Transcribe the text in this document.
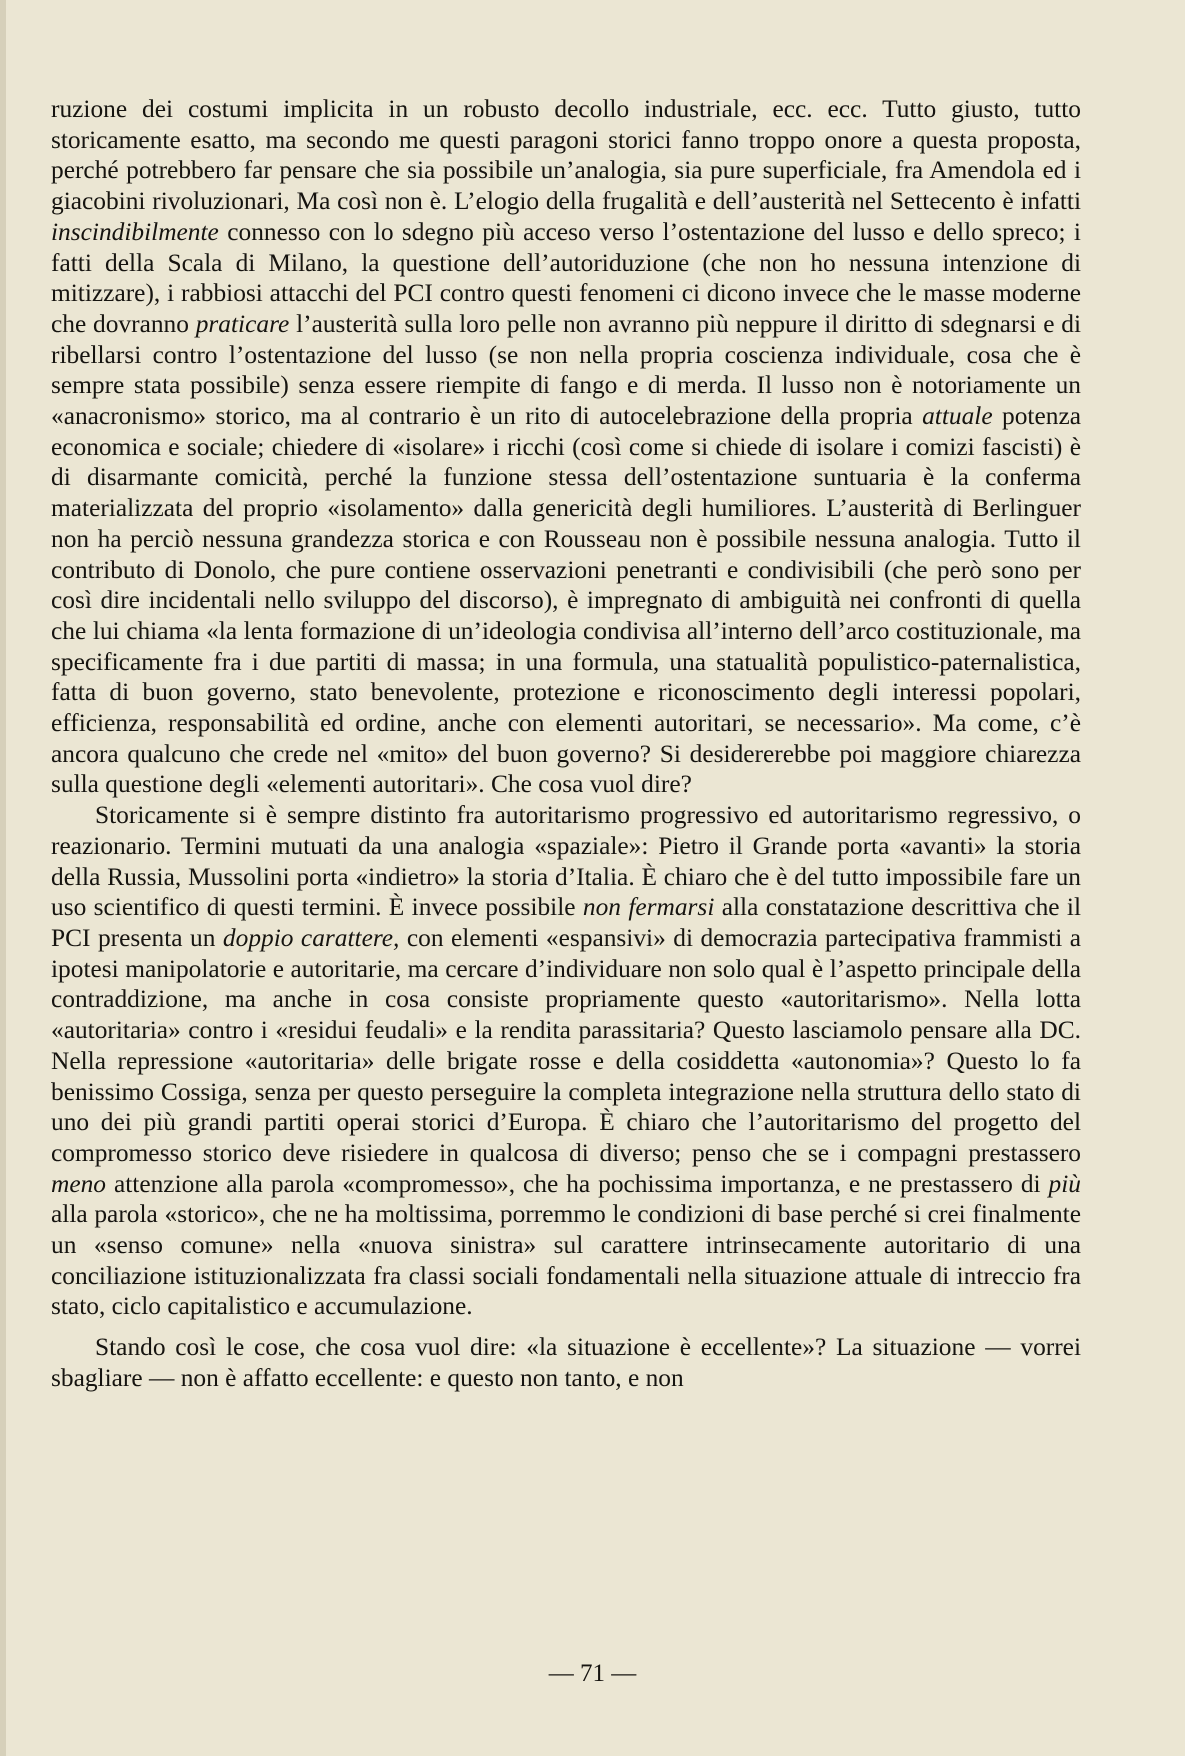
ruzione dei costumi implicita in un robusto decollo industriale, ecc. ecc. Tutto giusto, tutto storicamente esatto, ma secondo me questi paragoni storici fanno troppo onore a questa proposta, perché potrebbero far pensare che sia possibile un’analogia, sia pure superficiale, fra Amendola ed i giacobini rivoluzionari, Ma così non è. L’elogio della frugalità e dell’austerità nel Settecento è infatti inscindibilmente connesso con lo sdegno più acceso verso l’ostentazione del lusso e dello spreco; i fatti della Scala di Milano, la questione dell’autoriduzione (che non ho nessuna intenzione di mitizzare), i rabbiosi attacchi del PCI contro questi fenomeni ci dicono invece che le masse moderne che dovranno praticare l’austerità sulla loro pelle non avranno più neppure il diritto di sdegnarsi e di ribellarsi contro l’ostentazione del lusso (se non nella propria coscienza individuale, cosa che è sempre stata possibile) senza essere riempite di fango e di merda. Il lusso non è notoriamente un «anacronismo» storico, ma al contrario è un rito di autocelebrazione della propria attuale potenza economica e sociale; chiedere di «isolare» i ricchi (così come si chiede di isolare i comizi fascisti) è di disarmante comicità, perché la funzione stessa dell’ostentazione suntuaria è la conferma materializzata del proprio «isolamento» dalla genericità degli humiliores. L’austerità di Berlinguer non ha perciò nessuna grandezza storica e con Rousseau non è possibile nessuna analogia. Tutto il contributo di Donolo, che pure contiene osservazioni penetranti e condivisibili (che però sono per così dire incidentali nello sviluppo del discorso), è impregnato di ambiguità nei confronti di quella che lui chiama «la lenta formazione di un’ideologia condivisa all’interno dell’arco costituzionale, ma specificamente fra i due partiti di massa; in una formula, una statualità populistico-paternalistica, fatta di buon governo, stato benevolente, protezione e riconoscimento degli interessi popolari, efficienza, responsabilità ed ordine, anche con elementi autoritari, se necessario». Ma come, c’è ancora qualcuno che crede nel «mito» del buon governo? Si desidererebbe poi maggiore chiarezza sulla questione degli «elementi autoritari». Che cosa vuol dire?

Storicamente si è sempre distinto fra autoritarismo progressivo ed autoritarismo regressivo, o reazionario. Termini mutuati da una analogia «spaziale»: Pietro il Grande porta «avanti» la storia della Russia, Mussolini porta «indietro» la storia d’Italia. È chiaro che è del tutto impossibile fare un uso scientifico di questi termini. È invece possibile non fermarsi alla constatazione descrittiva che il PCI presenta un doppio carattere, con elementi «espansivi» di democrazia partecipativa frammisti a ipotesi manipolatorie e autoritarie, ma cercare d’individuare non solo qual è l’aspetto principale della contraddizione, ma anche in cosa consiste propriamente questo «autoritarismo». Nella lotta «autoritaria» contro i «residui feudali» e la rendita parassitaria? Questo lasciamolo pensare alla DC. Nella repressione «autoritaria» delle brigate rosse e della cosiddetta «autonomia»? Questo lo fa benissimo Cossiga, senza per questo perseguire la completa integrazione nella struttura dello stato di uno dei più grandi partiti operai storici d’Europa. È chiaro che l’autoritarismo del progetto del compromesso storico deve risiedere in qualcosa di diverso; penso che se i compagni prestassero meno attenzione alla parola «compromesso», che ha pochissima importanza, e ne prestassero di più alla parola «storico», che ne ha moltissima, porremmo le condizioni di base perché si crei finalmente un «senso comune» nella «nuova sinistra» sul carattere intrinsecamente autoritario di una conciliazione istituzionalizzata fra classi sociali fondamentali nella situazione attuale di intreccio fra stato, ciclo capitalistico e accumulazione.

Stando così le cose, che cosa vuol dire: «la situazione è eccellente»? La situazione — vorrei sbagliare — non è affatto eccellente: e questo non tanto, e non

— 71 —
